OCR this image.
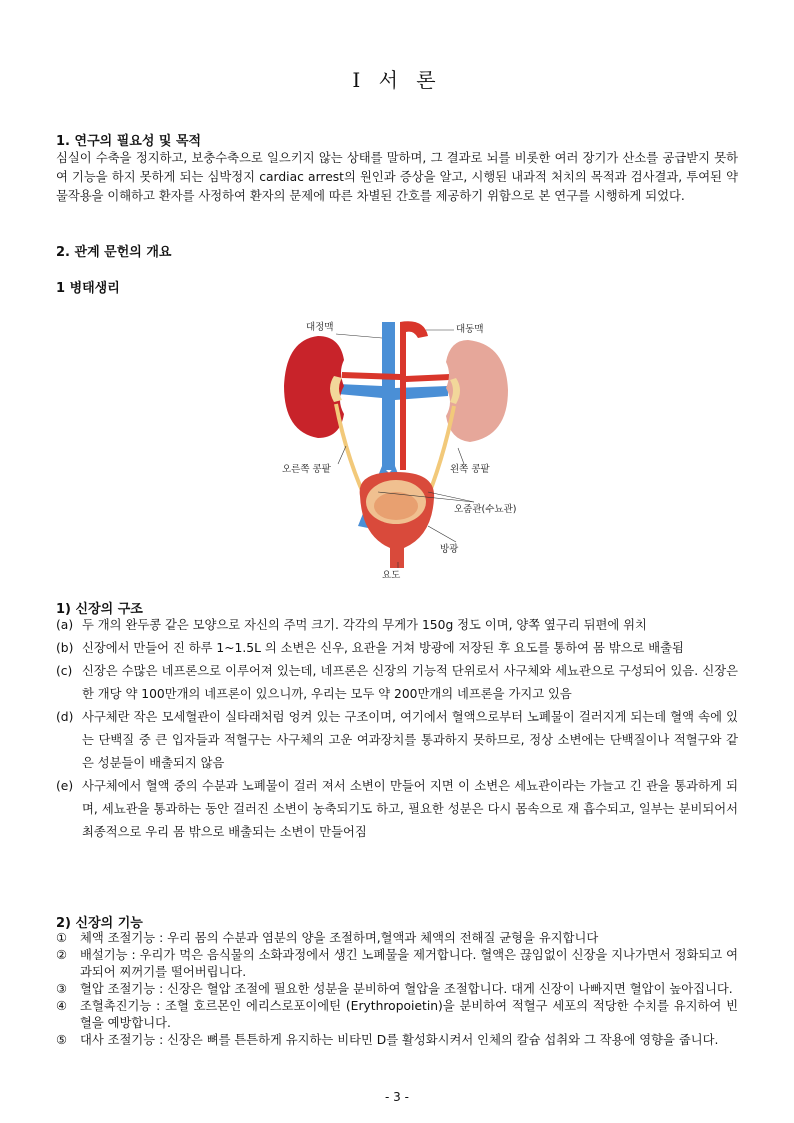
Ⅰ 서 론
1. 연구의 필요성 및 목적
심실이 수축을 정지하고, 보충수축으로 일으키지 않는 상태를 말하며, 그 결과로 뇌를 비롯한 여러 장기가 산소를 공급받지 못하여 기능을 하지 못하게 되는 심박정지 cardiac arrest의 원인과 증상을 알고, 시행된 내과적 처치의 목적과 검사결과, 투여된 약물작용을 이해하고 환자를 사정하여 환자의 문제에 따른 차별된 간호를 제공하기 위함으로 본 연구를 시행하게 되었다.
2. 관계 문헌의 개요
1 병태생리
대정맥	대동맥
오른쪽 콩팥	왼쪽 콩팥
오줌관(수뇨관)
방광
요도
1) 신장의 구조
(a) 두 개의 완두콩 같은 모양으로 자신의 주먹 크기. 각각의 무게가 150g 정도 이며, 양쪽 옆구리 뒤편에 위치
(b) 신장에서 만들어 진 하루 1~1.5L 의 소변은 신우, 요관을 거쳐 방광에 저장된 후 요도를 통하여 몸 밖으로 배출됨
(c) 신장은 수많은 네프론으로 이루어져 있는데, 네프론은 신장의 기능적 단위로서 사구체와 세뇨관으로 구성되어 있음. 신장은 한 개당 약 100만개의 네프론이 있으니까, 우리는 모두 약 200만개의 네프론을 가지고 있음
(d) 사구체란 작은 모세혈관이 실타래처럼 엉켜 있는 구조이며, 여기에서 혈액으로부터 노폐물이 걸러지게 되는데 혈액 속에 있는 단백질 중 큰 입자들과 적혈구는 사구체의 고운 여과장치를 통과하지 못하므로, 정상 소변에는 단백질이나 적혈구와 같은 성분들이 배출되지 않음
(e) 사구체에서 혈액 중의 수분과 노폐물이 걸러 져서 소변이 만들어 지면 이 소변은 세뇨관이라는 가늘고 긴 관을 통과하게 되며, 세뇨관을 통과하는 동안 걸러진 소변이 농축되기도 하고, 필요한 성분은 다시 몸속으로 재 흡수되고, 일부는 분비되어서 최종적으로 우리 몸 밖으로 배출되는 소변이 만들어짐
2) 신장의 기능
① 체액 조절기능 : 우리 몸의 수분과 염분의 양을 조절하며,혈액과 체액의 전해질 균형을 유지합니다
② 배설기능 : 우리가 먹은 음식물의 소화과정에서 생긴 노폐물을 제거합니다. 혈액은 끊임없이 신장을 지나가면서 정화되고 여과되어 찌꺼기를 떨어버립니다.
③ 혈압 조절기능 : 신장은 혈압 조절에 필요한 성분을 분비하여 혈압을 조절합니다. 대게 신장이 나빠지면 혈압이 높아집니다.
④ 조혈촉진기능 : 조혈 호르몬인 에리스로포이에틴 (Erythropoietin)을 분비하여 적혈구 세포의 적당한 수치를 유지하여 빈혈을 예방합니다.
⑤ 대사 조절기능 : 신장은 뼈를 튼튼하게 유지하는 비타민 D를 활성화시켜서 인체의 칼슘 섭취와 그 작용에 영향을 줍니다.
- 3 -
